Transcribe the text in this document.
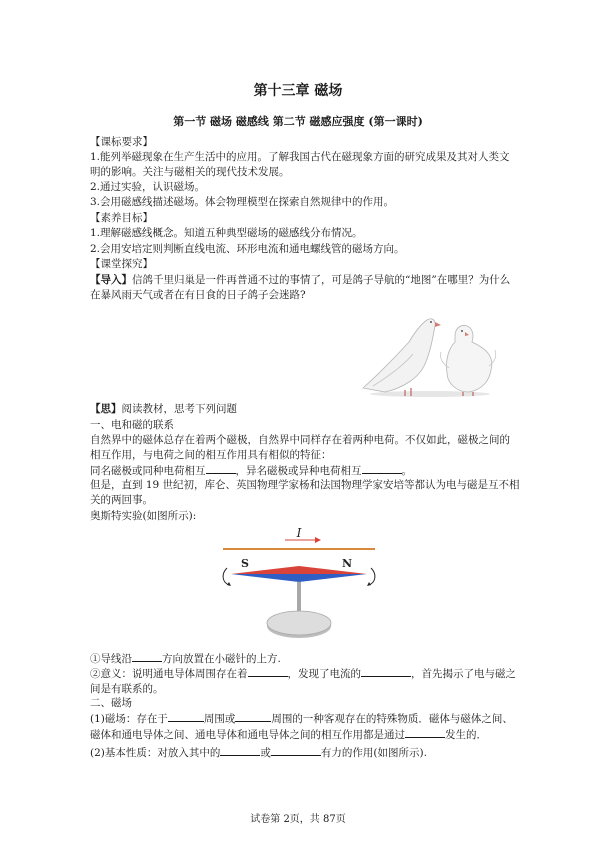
第十三章 磁场
第一节 磁场 磁感线 第二节 磁感应强度 (第一课时)
【课标要求】
1.能列举磁现象在生产生活中的应用。了解我国古代在磁现象方面的研究成果及其对人类文明的影响。关注与磁相关的现代技术发展。
2.通过实验，认识磁场。
3.会用磁感线描述磁场。体会物理模型在探索自然规律中的作用。
【素养目标】
1.理解磁感线概念。知道五种典型磁场的磁感线分布情况。
2.会用安培定则判断直线电流、环形电流和通电螺线管的磁场方向。
【课堂探究】
【导入】信鸽千里归巢是一件再普通不过的事情了，可是鸽子导航的“地图”在哪里？为什么在暴风雨天气或者在有日食的日子鸽子会迷路?
【思】阅读教材，思考下列问题
一、电和磁的联系
自然界中的磁体总存在着两个磁极，自然界中同样存在着两种电荷。不仅如此，磁极之间的相互作用，与电荷之间的相互作用具有相似的特征：
同名磁极或同种电荷相互	，异名磁极或异种电荷相互	。
但是，直到 19 世纪初，库仑、英国物理学家杨和法国物理学家安培等都认为电与磁是互不相关的两回事。
奥斯特实验(如图所示):
I
S	N
①导线沿	方向放置在小磁针的上方.
②意义：说明通电导体周围存在着	，发现了电流的	，首先揭示了电与磁之间是有联系的。
二、磁场
(1)磁场：存在于	周围或	周围的一种客观存在的特殊物质．磁体与磁体之间、磁体和通电导体之间、通电导体和通电导体之间的相互作用都是通过	发生的．
(2)基本性质：对放入其中的	或	有力的作用(如图所示).
试卷第 2页，共 87页
